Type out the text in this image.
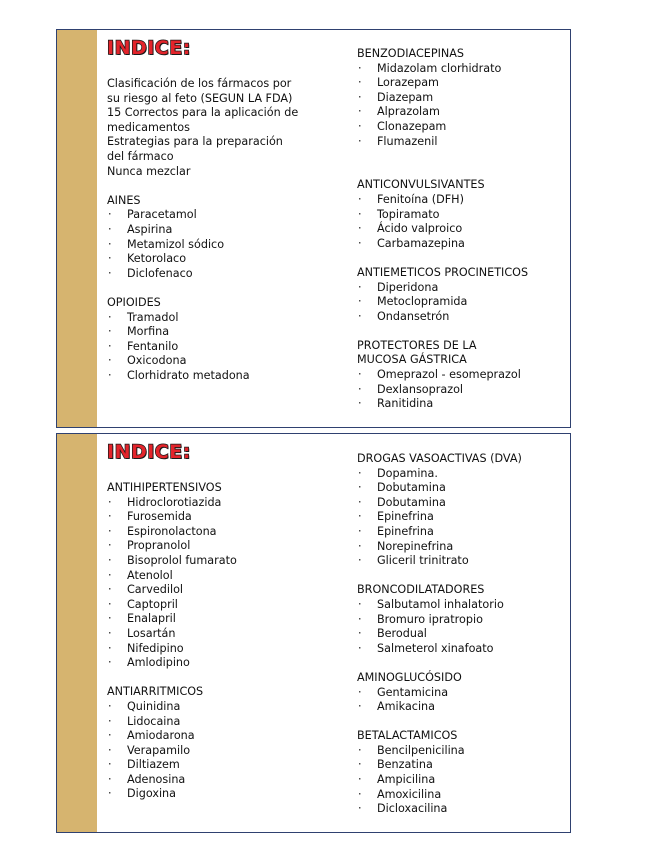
INDICE:
Clasificación de los fármacos por
su riesgo al feto (SEGUN LA FDA)
15 Correctos para la aplicación de
medicamentos
Estrategias para la preparación
del fármaco
Nunca mezclar
AINES
·	Paracetamol
·	Aspirina
·	Metamizol sódico
·	Ketorolaco
·	Diclofenaco
OPIOIDES
·	Tramadol
·	Morfina
·	Fentanilo
·	Oxicodona
·	Clorhidrato metadona
BENZODIACEPINAS
·	Midazolam clorhidrato
·	Lorazepam
·	Diazepam
·	Alprazolam
·	Clonazepam
·	Flumazenil
ANTICONVULSIVANTES
·	Fenitoína (DFH)
·	Topiramato
·	Ácido valproico
·	Carbamazepina
ANTIEMETICOS PROCINETICOS
·	Diperidona
·	Metoclopramida
·	Ondansetrón
PROTECTORES DE LA
MUCOSA GÁSTRICA
·	Omeprazol - esomeprazol
·	Dexlansoprazol
·	Ranitidina
INDICE:
ANTIHIPERTENSIVOS
·	Hidroclorotiazida
·	Furosemida
·	Espironolactona
·	Propranolol
·	Bisoprolol fumarato
·	Atenolol
·	Carvedilol
·	Captopril
·	Enalapril
·	Losartán
·	Nifedipino
·	Amlodipino
ANTIARRITMICOS
·	Quinidina
·	Lidocaina
·	Amiodarona
·	Verapamilo
·	Diltiazem
·	Adenosina
·	Digoxina
DROGAS VASOACTIVAS (DVA)
·	Dopamina.
·	Dobutamina
·	Dobutamina
·	Epinefrina
·	Epinefrina
·	Norepinefrina
·	Gliceril trinitrato
BRONCODILATADORES
·	Salbutamol inhalatorio
·	Bromuro ipratropio
·	Berodual
·	Salmeterol xinafoato
AMINOGLUCÓSIDO
·	Gentamicina
·	Amikacina
BETALACTAMICOS
·	Bencilpenicilina
·	Benzatina
·	Ampicilina
·	Amoxicilina
·	Dicloxacilina
